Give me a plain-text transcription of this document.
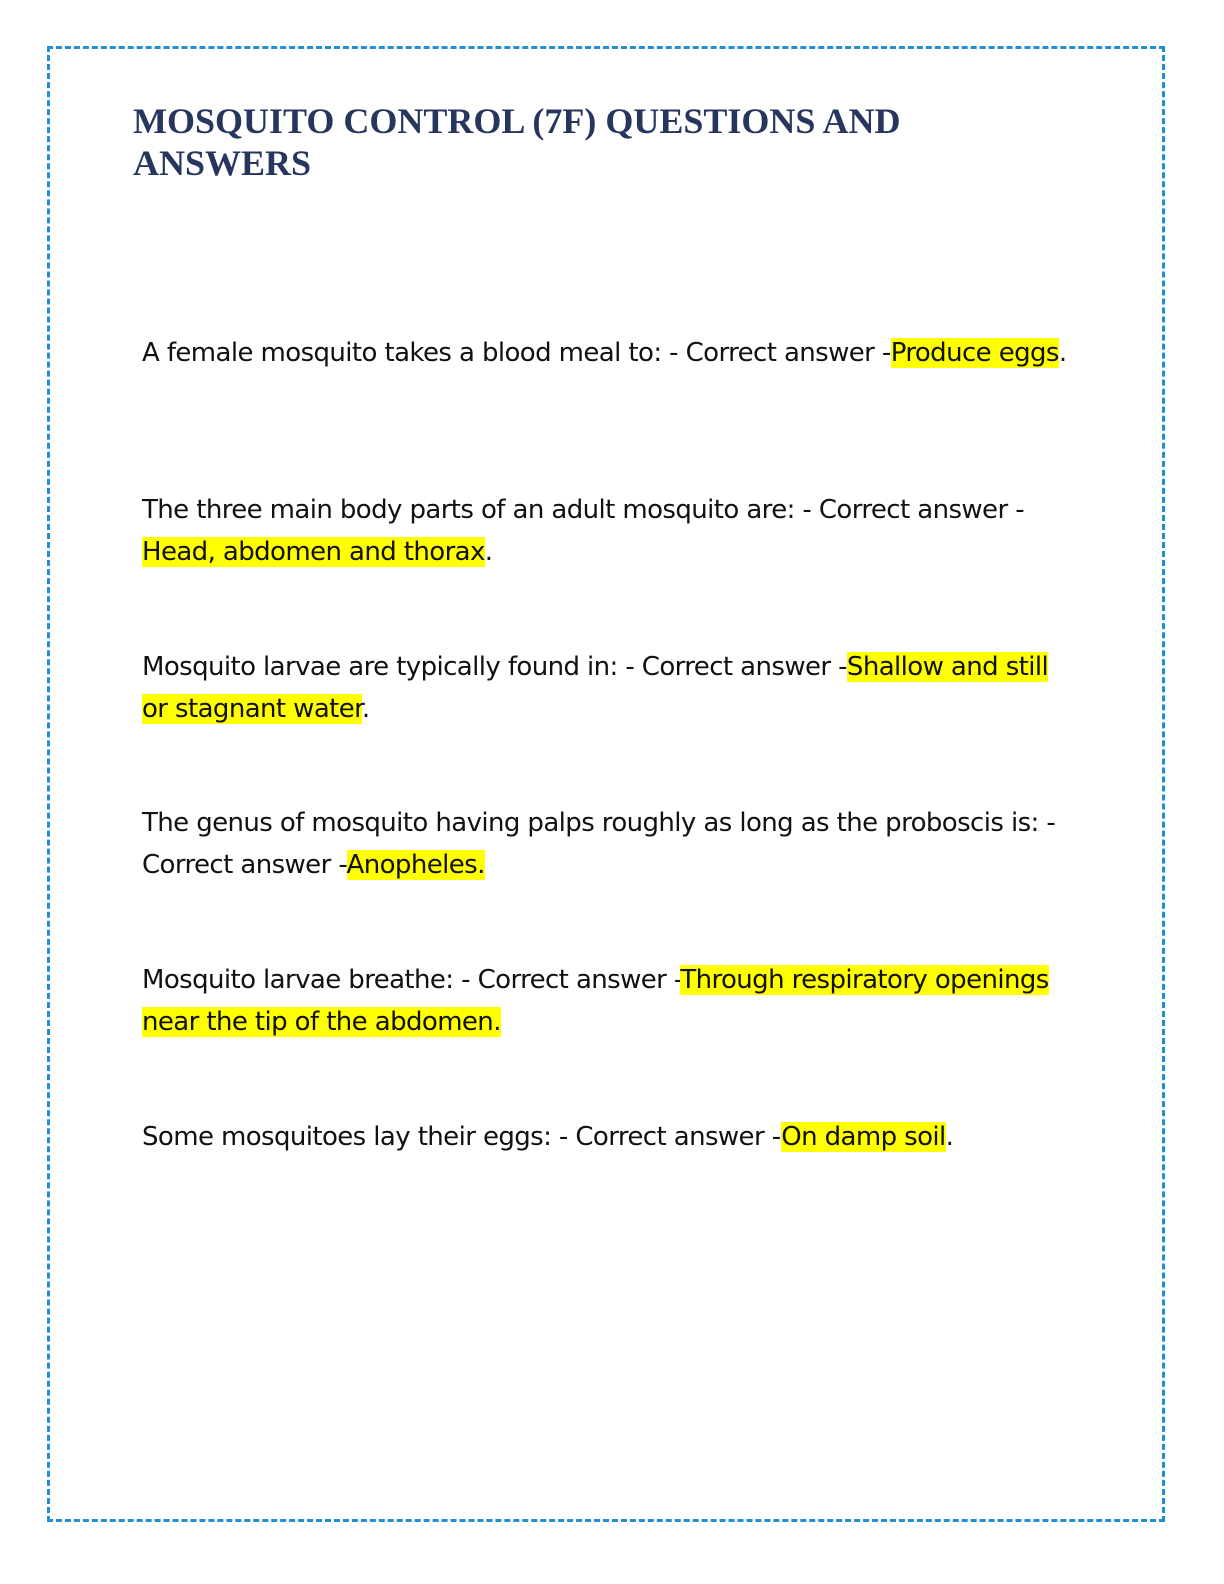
MOSQUITO CONTROL (7F) QUESTIONS AND ANSWERS

A female mosquito takes a blood meal to: - Correct answer -Produce eggs.

The three main body parts of an adult mosquito are: - Correct answer - Head, abdomen and thorax.

Mosquito larvae are typically found in: - Correct answer -Shallow and still or stagnant water.

The genus of mosquito having palps roughly as long as the proboscis is: - Correct answer -Anopheles.

Mosquito larvae breathe: - Correct answer -Through respiratory openings near the tip of the abdomen.

Some mosquitoes lay their eggs: - Correct answer -On damp soil.
